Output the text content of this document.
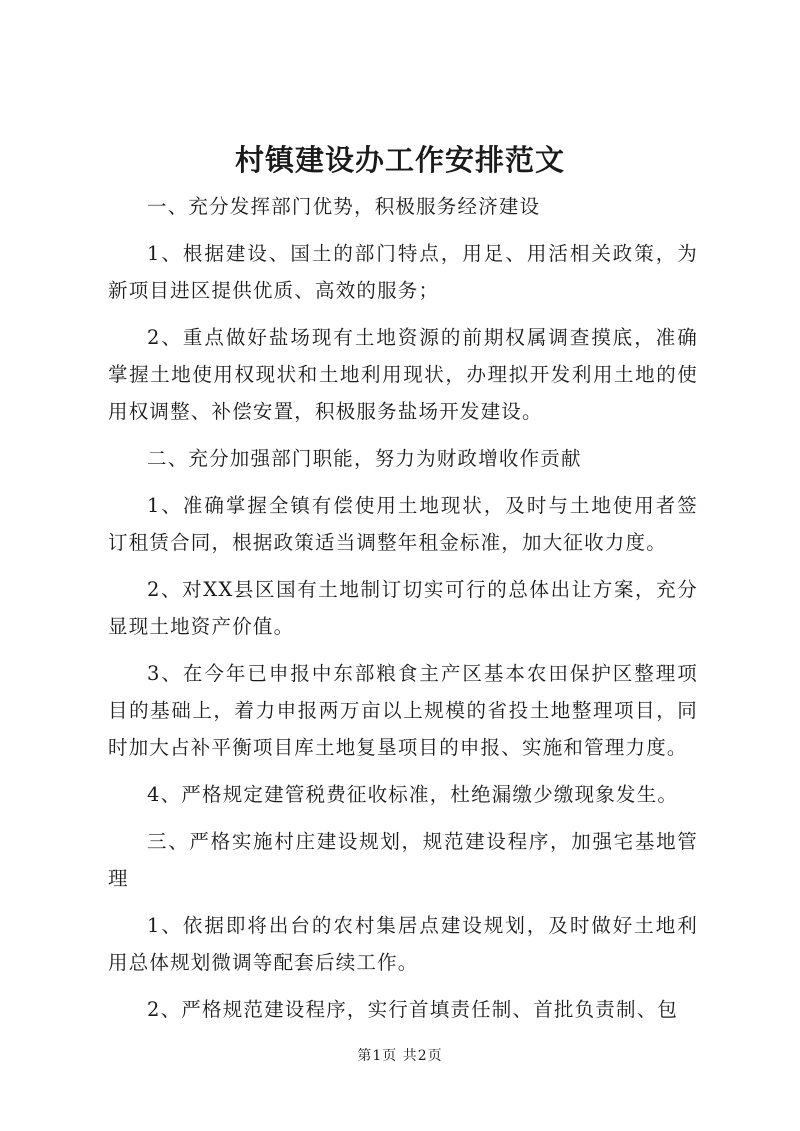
村镇建设办工作安排范文

一、充分发挥部门优势，积极服务经济建设

1、根据建设、国土的部门特点，用足、用活相关政策，为新项目进区提供优质、高效的服务；

2、重点做好盐场现有土地资源的前期权属调查摸底，准确掌握土地使用权现状和土地利用现状，办理拟开发利用土地的使用权调整、补偿安置，积极服务盐场开发建设。

二、充分加强部门职能，努力为财政增收作贡献

1、准确掌握全镇有偿使用土地现状，及时与土地使用者签订租赁合同，根据政策适当调整年租金标准，加大征收力度。

2、对XX县区国有土地制订切实可行的总体出让方案，充分显现土地资产价值。

3、在今年已申报中东部粮食主产区基本农田保护区整理项目的基础上，着力申报两万亩以上规模的省投土地整理项目，同时加大占补平衡项目库土地复垦项目的申报、实施和管理力度。

4、严格规定建管税费征收标准，杜绝漏缴少缴现象发生。

三、严格实施村庄建设规划，规范建设程序，加强宅基地管理

1、依据即将出台的农村集居点建设规划，及时做好土地利用总体规划微调等配套后续工作。

2、严格规范建设程序，实行首填责任制、首批负责制、包

第1页 共2页
